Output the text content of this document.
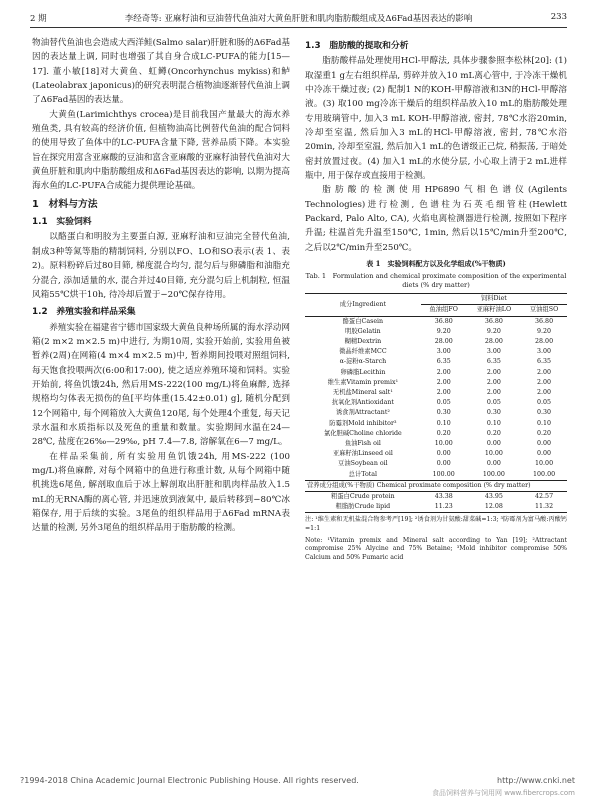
2 期	李经奇等: 亚麻籽油和豆油替代鱼油对大黄鱼肝脏和肌肉脂肪酸组成及Δ6Fad基因表达的影响	233

物油替代鱼油也会造成大西洋鲑(Salmo salar)肝脏和肠的Δ6Fad基因的表达量上调, 同时也增强了其自身合成LC-PUFA的能力[15—17]. 董小敏[18]对大黄鱼、虹鳟(Oncorhynchus mykiss)和鲈(Lateolabrax japonicus)的研究表明混合植物油逐渐替代鱼油上调了Δ6Fad基因的表达量。

大黄鱼(Larimichthys crocea)是目前我国产量最大的海水养殖鱼类, 具有较高的经济价值, 但植物油高比例替代鱼油的配合饲料的使用导致了鱼体中的LC-PUFA含量下降, 营养品质下降。本实验旨在探究用富含亚麻酸的豆油和富含亚麻酸的亚麻籽油替代鱼油对大黄鱼肝脏和肌肉中脂肪酸组成和Δ6Fad基因表达的影响, 以期为提高海水鱼的LC-PUFA合成能力提供理论基础。

1　材料与方法
1.1　实验饲料

以酪蛋白和明胶为主要蛋白源, 亚麻籽油和豆油完全替代鱼油, 制成3种等氮等脂的精制饲料, 分别以FO、LO和SO表示(表 1、表 2)。原料粉碎后过80目筛, 梯度混合均匀, 混匀后与卵磷脂和油脂充分混合, 添加适量的水, 混合并过40目筛, 充分混匀后上机制粒, 恒温风箱55℃烘干10h, 待冷却后置于−20℃保存待用。

1.2　养殖实验和样品采集

养殖实验在福建省宁德市国家级大黄鱼良种场所属的海水浮动网箱(2 m×2 m×2.5 m)中进行, 为期10周, 实验开始前, 实验用鱼被暂养(2周)在网箱(4 m×4 m×2.5 m)中, 暂养期间投喂对照组饲料, 每天饱食投喂两次(6:00和17:00), 使之适应养殖环境和饲料。实验开始前, 将鱼饥饿24h, 然后用MS-222(100 mg/L)将鱼麻醉, 选择规格均匀体表无损伤的鱼[平均体重(15.42±0.01) g], 随机分配到12个网箱中, 每个网箱放入大黄鱼120尾, 每个处理4个重复, 每天记录水温和水质指标以及死鱼的重量和数量。实验期间水温在24—28℃, 盐度在26‰—29‰, pH 7.4—7.8, 溶解氧在6—7 mg/L。

在样品采集前, 所有实验用鱼饥饿24h, 用MS-222 (100 mg/L)将鱼麻醉, 对每个网箱中的鱼进行称重计数, 从每个网箱中随机挑选6尾鱼, 解剖取血后于冰上解剖取出肝脏和肌肉样品放入1.5 mL的无RNA酶的离心管, 并迅速放到液氮中, 最后转移到−80℃冰箱保存, 用于后续的实验。3尾鱼的组织样品用于Δ6Fad mRNA表达量的检测, 另外3尾鱼的组织样品用于脂肪酸的检测。

1.3　脂肪酸的提取和分析

脂肪酸样品处理使用HCl-甲醇法, 具体步骤参照李松林[20]: (1) 取湿重1 g左右组织样品, 剪碎并放入10 mL离心管中, 于冷冻干燥机中冷冻干燥过夜; (2) 配制1 N的KOH-甲醇溶液和3N的HCl-甲醇溶液。(3) 取100 mg冷冻干燥后的组织样品放入10 mL的脂肪酸处理专用玻璃管中, 加入3 mL KOH-甲醇溶液, 密封, 78℃水浴20min, 冷却至室温, 然后加入3 mL的HCl-甲醇溶液, 密封, 78℃水浴20min, 冷却至室温, 然后加入1 mL的色谱级正己烷, 稍振荡, 于暗处密封放置过夜。(4) 加入1 mL的水使分层, 小心取上清于2 mL进样瓶中, 用于保存或直接用于检测。

脂肪酸的检测使用HP6890气相色谱仪(Agilents Technologies)进行检测, 色谱柱为石英毛细管柱(Hewlett Packard, Palo Alto, CA), 火焰电离检测器进行检测, 按照如下程序升温; 柱温首先升温至150℃, 1min, 然后以15℃/min升至200℃, 之后以2℃/min升至250℃。

表 1　实验饲料配方以及化学组成(%干物质)
Tab. 1　Formulation and chemical proximate composition of the experimental diets (% dry matter)
成分Ingredient	饲料Diet		
	鱼油组FO	亚麻籽油LO	豆油组SO
酪蛋白Casein	36.80	36.80	36.80
明胶Gelatin	9.20	9.20	9.20
糊精Dextrin	28.00	28.00	28.00
微晶纤维素MCC	3.00	3.00	3.00
α-淀粉α-Starch	6.35	6.35	6.35
卵磷脂Lecithin	2.00	2.00	2.00
维生素Vitamin premix¹	2.00	2.00	2.00
无机盐Mineral salt¹	2.00	2.00	2.00
抗氧化剂Antioxidant	0.05	0.05	0.05
诱食剂Attractant²	0.30	0.30	0.30
防霉剂Mold inhibitor³	0.10	0.10	0.10
氯化胆碱Choline chloride	0.20	0.20	0.20
鱼油Fish oil	10.00	0.00	0.00
亚麻籽油Linseed oil	0.00	10.00	0.00
豆油Soybean oil	0.00	0.00	10.00
总计Total	100.00	100.00	100.00
营养成分组成(%干物质) Chemical proximate composition (% dry matter)			
粗蛋白Crude protein	43.38	43.95	42.57
粗脂肪Crude lipid	11.23	12.08	11.32
注: ¹维生素和无机盐混合物参考严[19]; ²诱食剂为甘氨酸:甜菜碱=1:3; ³防霉剂为富马酸:丙酸钙=1:1
Note: ¹Vitamin premix and Mineral salt according to Yan [19]; ²Attractant compromise 25% Alycine and 75% Betaine; ³Mold inhibitor compromise 50% Calcium and 50% Fumaric acid
?1994-2018 China Academic Journal Electronic Publishing House. All rights reserved.	http://www.cnki.net
食品饲料营养与饲用网 www.fibercrops.com
